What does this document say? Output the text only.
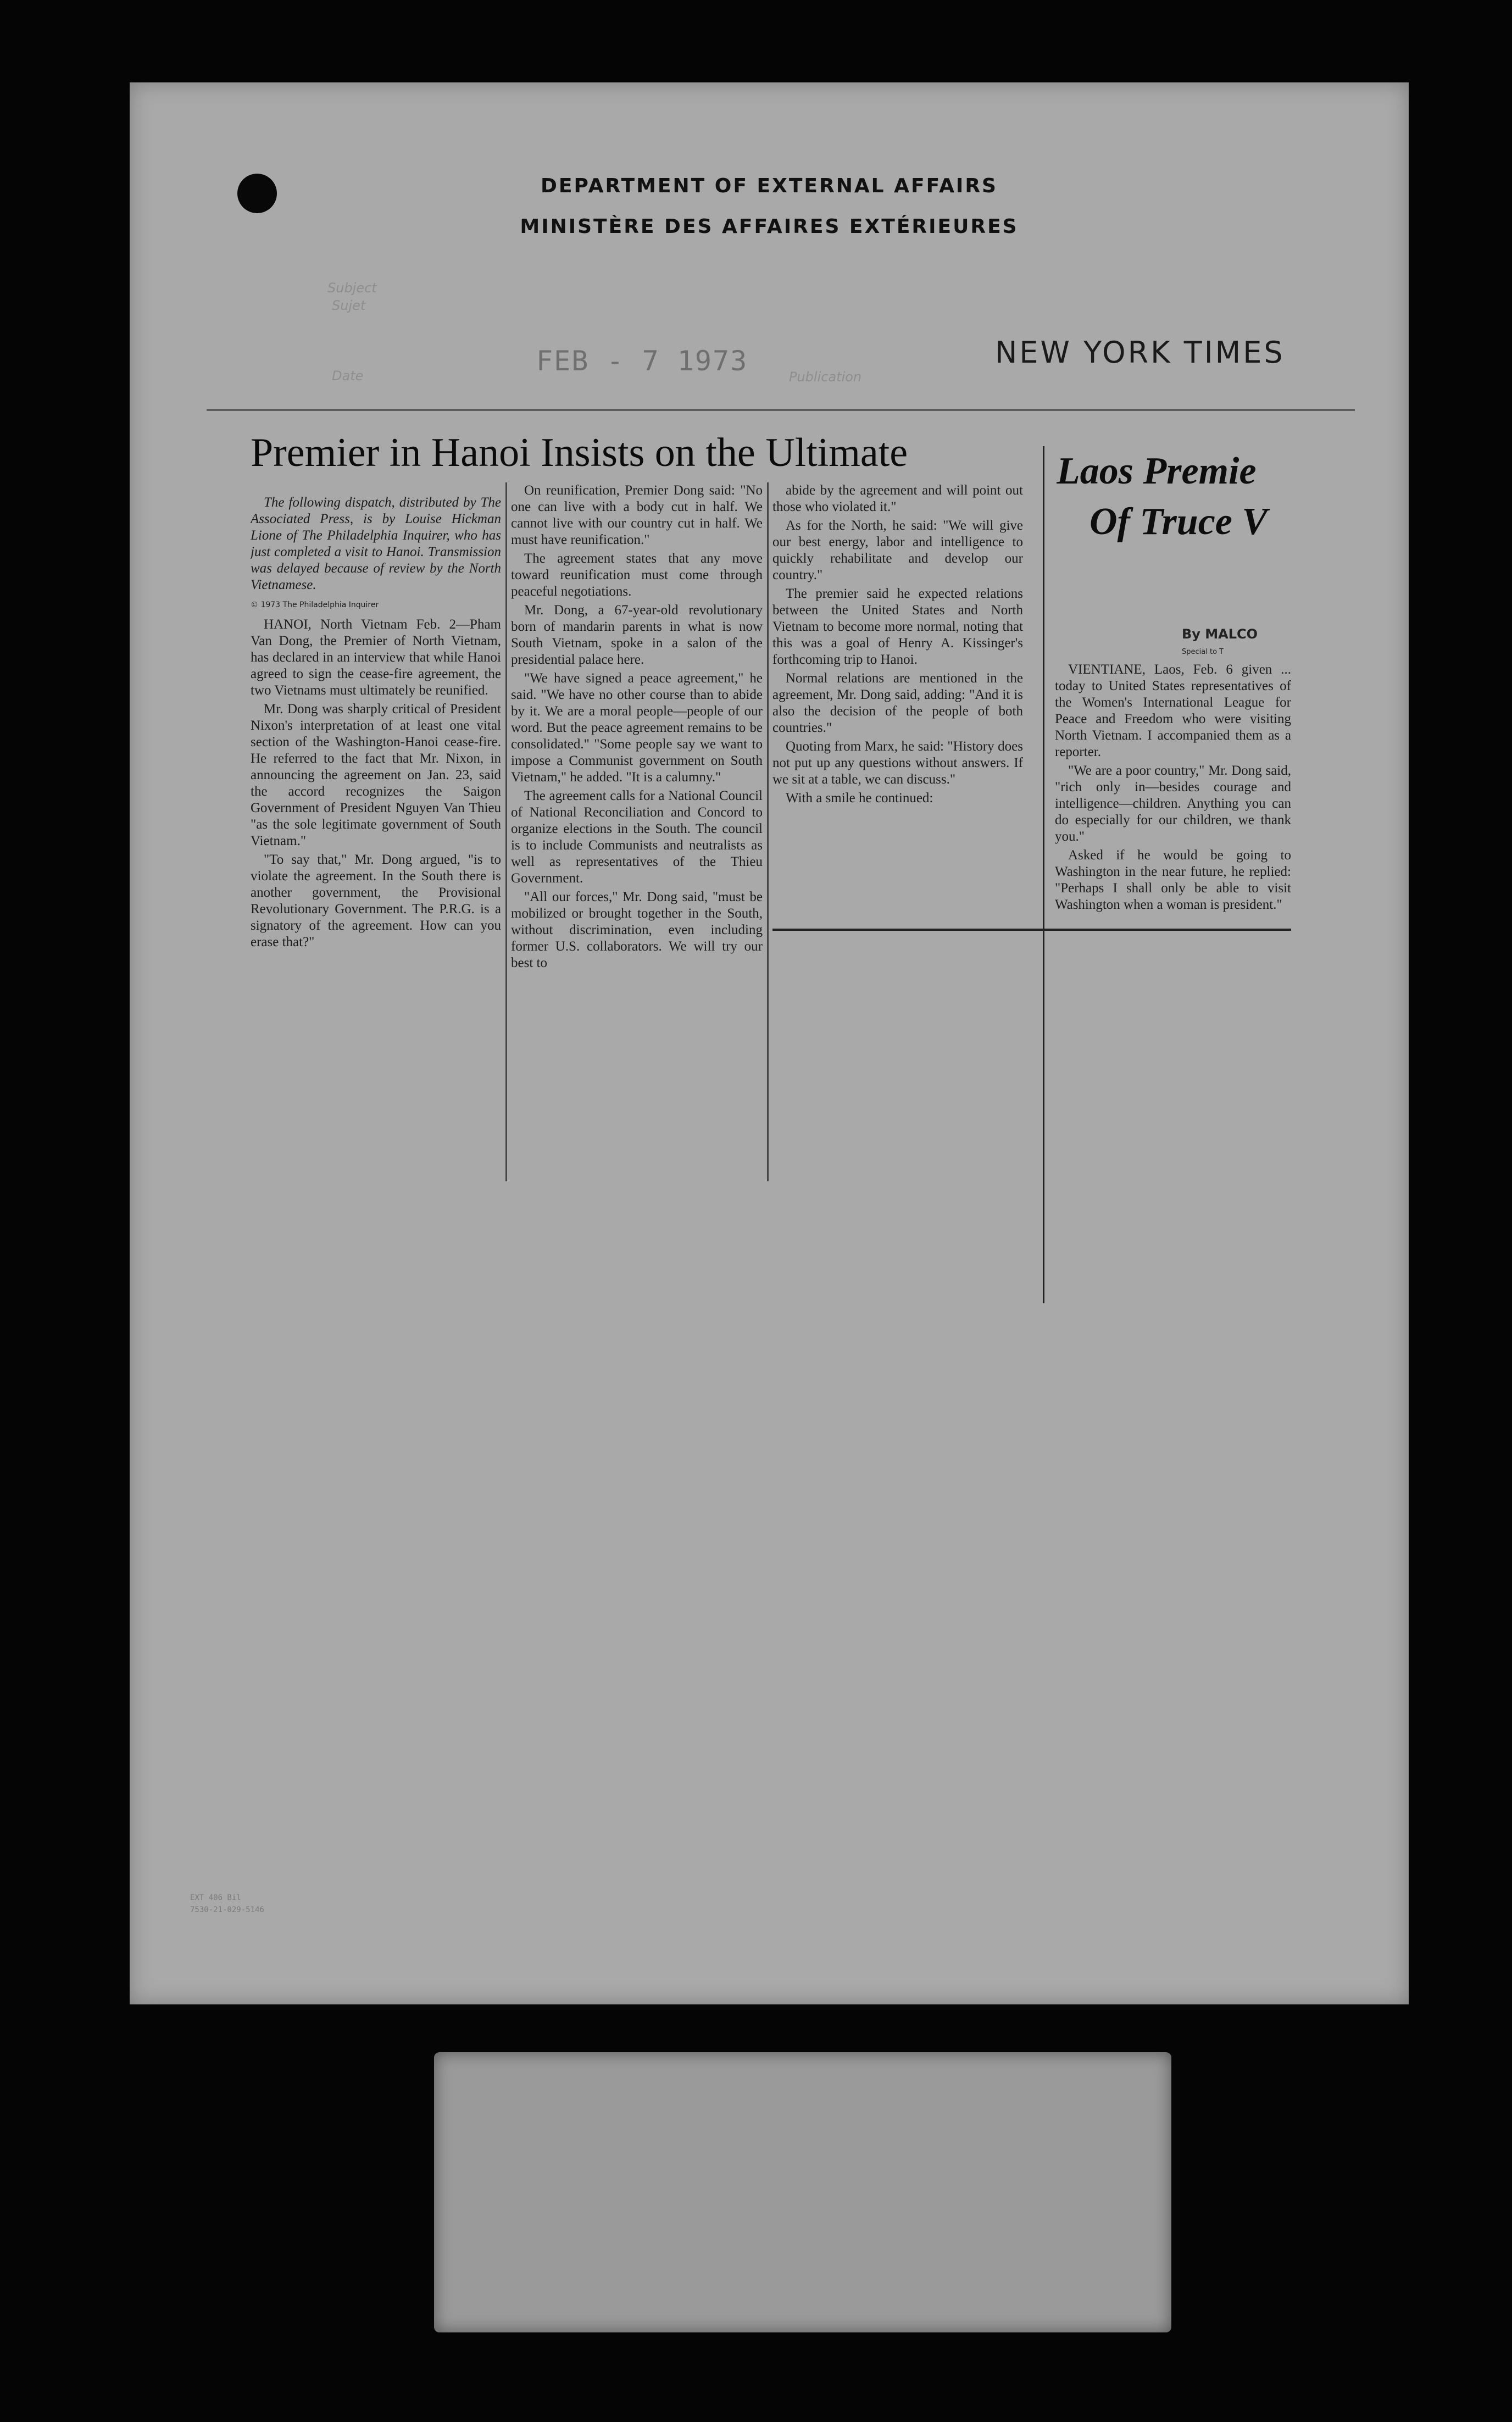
DEPARTMENT OF EXTERNAL AFFAIRS
MINISTÈRE DES AFFAIRES EXTÉRIEURES
Subject
Sujet
Date	Publication
FEB - 7 1973	NEW YORK TIMES
Premier in Hanoi Insists on the Ultimate

The following dispatch, distributed by The Associated Press, is by Louise Hickman Lione of The Philadelphia Inquirer, who has just completed a visit to Hanoi. Transmission was delayed because of review by the North Vietnamese.

© 1973 The Philadelphia Inquirer

HANOI, North Vietnam Feb. 2—Pham Van Dong, the Premier of North Vietnam, has declared in an interview that while Hanoi agreed to sign the cease-fire agreement, the two Vietnams must ultimately be reunified.

Mr. Dong was sharply critical of President Nixon's interpretation of at least one vital section of the Washington-Hanoi cease-fire. He referred to the fact that Mr. Nixon, in announcing the agreement on Jan. 23, said the accord recognizes the Saigon Government of President Nguyen Van Thieu "as the sole legitimate government of South Vietnam."

"To say that," Mr. Dong argued, "is to violate the agreement. In the South there is another government, the Provisional Revolutionary Government. The P.R.G. is a signatory of the agreement. How can you erase that?"

On reunification, Premier Dong said: "No one can live with a body cut in half. We cannot live with our country cut in half. We must have reunification."

The agreement states that any move toward reunification must come through peaceful negotiations.

Mr. Dong, a 67-year-old revolutionary born of mandarin parents in what is now South Vietnam, spoke in a salon of the presidential palace here.

"We have signed a peace agreement," he said. "We have no other course than to abide by it. We are a moral people—people of our word. But the peace agreement remains to be consolidated." "Some people say we want to impose a Communist government on South Vietnam," he added. "It is a calumny."

The agreement calls for a National Council of National Reconciliation and Concord to organize elections in the South. The council is to include Communists and neutralists as well as representatives of the Thieu Government.

"All our forces," Mr. Dong said, "must be mobilized or brought together in the South, without discrimination, even including former U.S. collaborators. We will try our best to

abide by the agreement and will point out those who violated it."

As for the North, he said: "We will give our best energy, labor and intelligence to quickly rehabilitate and develop our country."

The premier said he expected relations between the United States and North Vietnam to become more normal, noting that this was a goal of Henry A. Kissinger's forthcoming trip to Hanoi.

Normal relations are mentioned in the agreement, Mr. Dong said, adding: "And it is also the decision of the people of both countries."

Quoting from Marx, he said: "History does not put up any questions without answers. If we sit at a table, we can discuss."

With a smile he continued:

Laos Premie
Of Truce V
By MALCO
Special to T

VIENTIANE, Laos, Feb. 6 given ... today to United States representatives of the Women's International League for Peace and Freedom who were visiting North Vietnam. I accompanied them as a reporter.

"We are a poor country," Mr. Dong said, "rich only in—besides courage and intelligence—children. Anything you can do especially for our children, we thank you."

Asked if he would be going to Washington in the near future, he replied: "Perhaps I shall only be able to visit Washington when a woman is president."

EXT 406 Bil
7530-21-029-5146
